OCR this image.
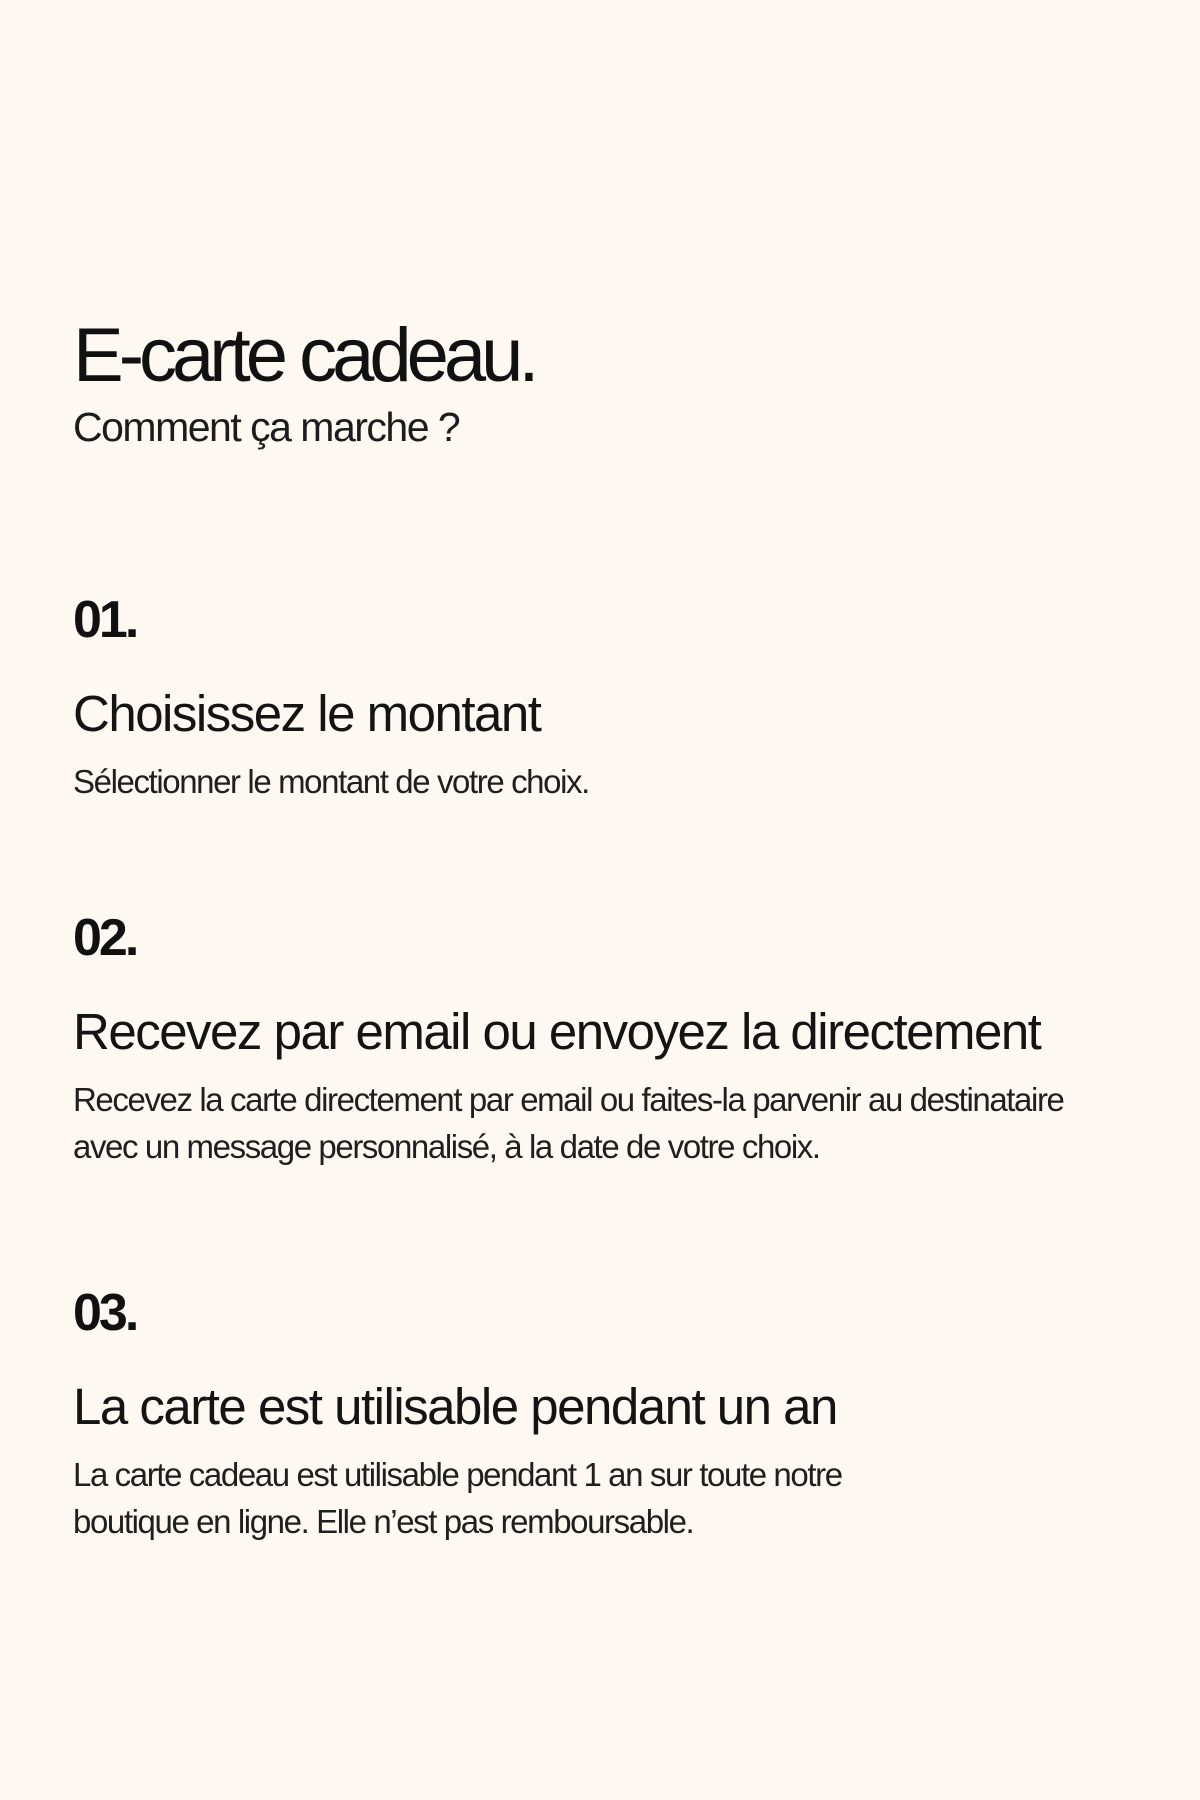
E-carte cadeau.

Comment ça marche ?

01.

Choisissez le montant

Sélectionner le montant de votre choix.

02.

Recevez par email ou envoyez la directement

Recevez la carte directement par email ou faites-la parvenir au destinataire avec un message personnalisé, à la date de votre choix.

03.

La carte est utilisable pendant un an

La carte cadeau est utilisable pendant 1 an sur toute notre boutique en ligne. Elle n’est pas remboursable.
